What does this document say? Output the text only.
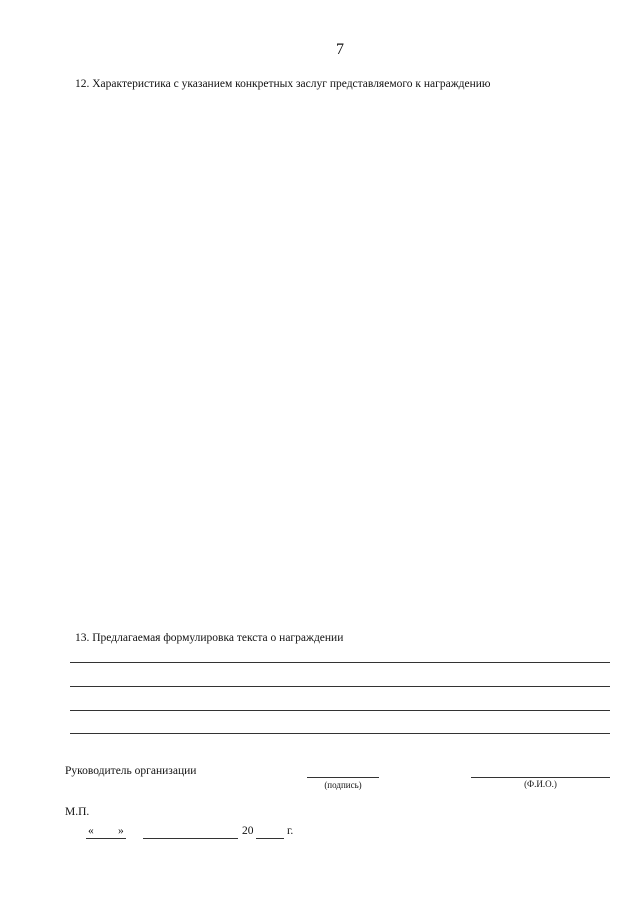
7
12. Характеристика с указанием конкретных заслуг представляемого к награждению
13. Предлагаемая формулировка текста о награждении
Руководитель организации
(подпись)	(Ф.И.О.)
М.П.
« »	20	г.
